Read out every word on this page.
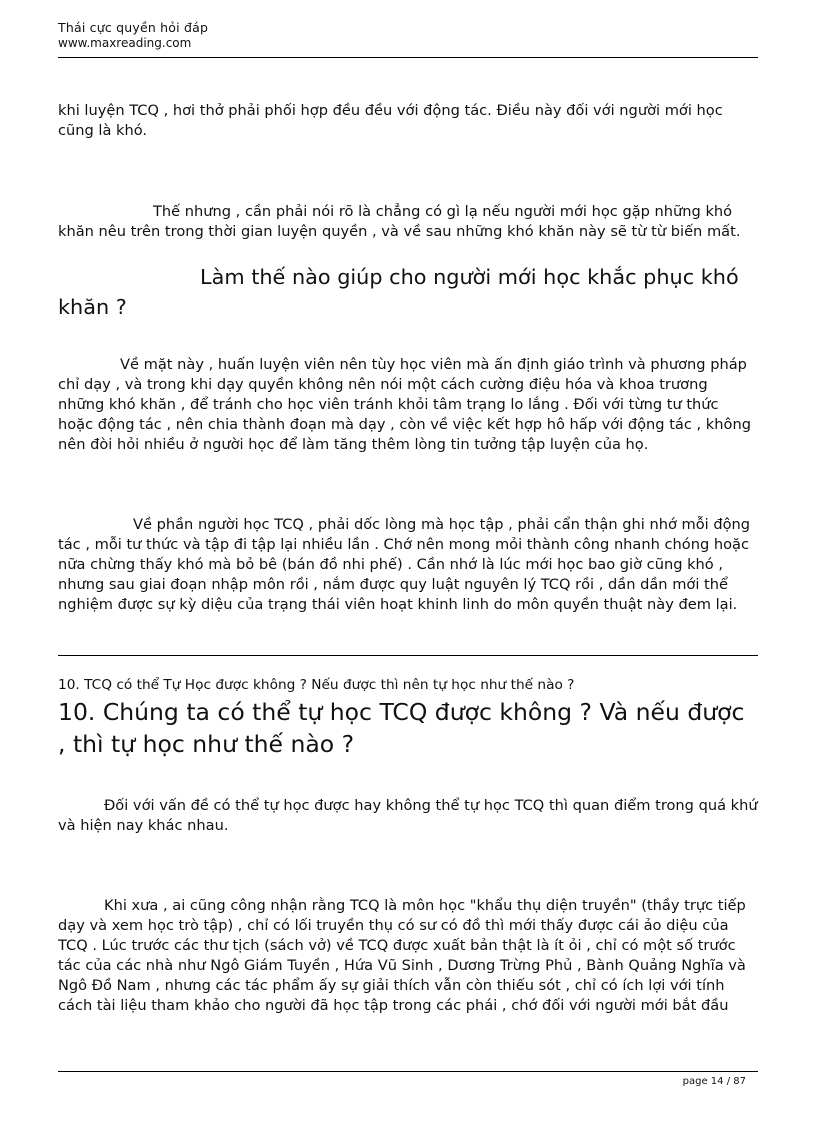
Thái cực quyền hỏi đáp
www.maxreading.com

khi luyện TCQ , hơi thở phải phối hợp đều đều với động tác. Điều này đối với người mới học cũng là khó.

Thế nhưng , cần phải nói rõ là chẳng có gì lạ nếu người mới học gặp những khó khăn nêu trên trong thời gian luyện quyền , và về sau những khó khăn này sẽ từ từ biến mất.

Làm thế nào giúp cho người mới học khắc phục khó khăn ?

Về mặt này , huấn luyện viên nên tùy học viên mà ấn định giáo trình và phương pháp chỉ dạy , và trong khi dạy quyền không nên nói một cách cường điệu hóa và khoa trương những khó khăn , để tránh cho học viên tránh khỏi tâm trạng lo lắng . Đối với từng tư thức hoặc động tác , nên chia thành đoạn mà dạy , còn về việc kết hợp hô hấp với động tác , không nên đòi hỏi nhiều ở người học để làm tăng thêm lòng tin tưởng tập luyện của họ.

Về phần người học TCQ , phải dốc lòng mà học tập , phải cẩn thận ghi nhớ mỗi động tác , mỗi tư thức và tập đi tập lại nhiều lần . Chớ nên mong mỏi thành công nhanh chóng hoặc nữa chừng thấy khó mà bỏ bê (bán đồ nhi phế) . Cần nhớ là lúc mới học bao giờ cũng khó , nhưng sau giai đoạn nhập môn rồi , nắm được quy luật nguyên lý TCQ rồi , dần dần mới thể nghiệm được sự kỳ diệu của trạng thái viên hoạt khinh linh do môn quyền thuật này đem lại.

10. TCQ có thể Tự Học được không ? Nếu được thì nên tự học như thế nào ?

10. Chúng ta có thể tự học TCQ được không ? Và nếu được , thì tự học như thế nào ?

Đối với vấn đề có thể tự học được hay không thể tự học TCQ thì quan điểm trong quá khứ và hiện nay khác nhau.

Khi xưa , ai cũng công nhận rằng TCQ là môn học "khẩu thụ diện truyền" (thầy trực tiếp dạy và xem học trò tập) , chỉ có lối truyền thụ có sư có đồ thì mới thấy được cái ảo diệu của TCQ . Lúc trước các thư tịch (sách vở) về TCQ được xuất bản thật là ít ỏi , chỉ có một số trước tác của các nhà như Ngô Giám Tuyền , Hứa Vũ Sinh , Dương Trừng Phủ , Bành Quảng Nghĩa và Ngô Đồ Nam , nhưng các tác phẩm ấy sự giải thích vẫn còn thiếu sót , chỉ có ích lợi với tính cách tài liệu tham khảo cho người đã học tập trong các phái , chớ đối với người mới bắt đầu

page 14 / 87
